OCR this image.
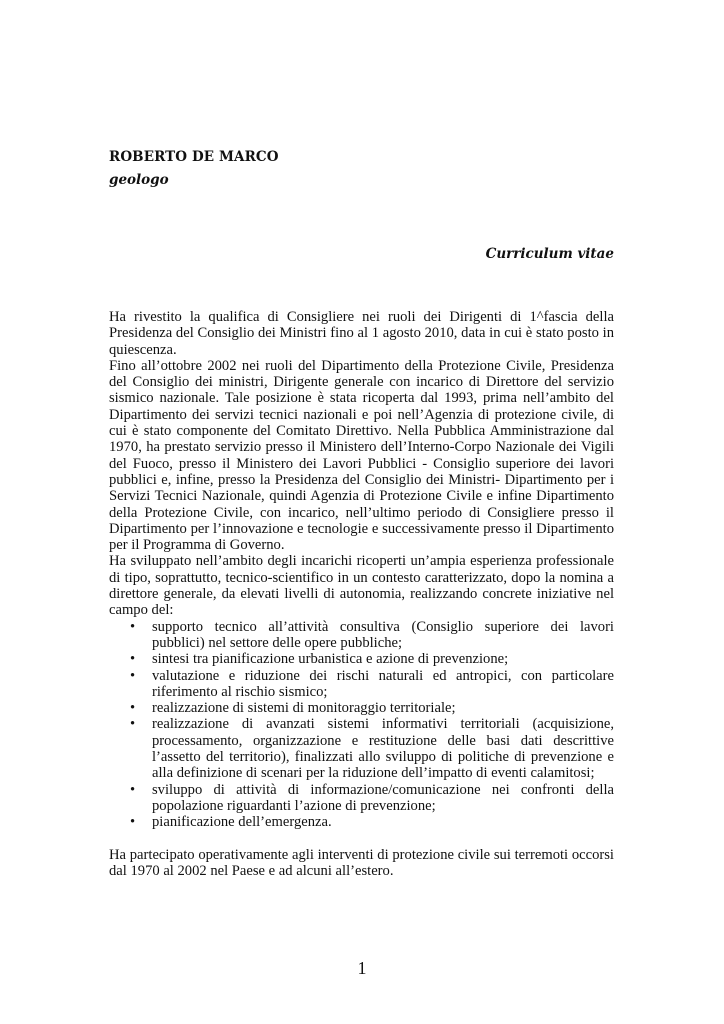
ROBERTO DE MARCO
geologo
Curriculum vitae

Ha rivestito la qualifica di Consigliere nei ruoli dei Dirigenti di 1^fascia della Presidenza del Consiglio dei Ministri fino al 1 agosto 2010, data in cui è stato posto in quiescenza.

Fino all’ottobre 2002 nei ruoli del Dipartimento della Protezione Civile, Presidenza del Consiglio dei ministri, Dirigente generale con incarico di Direttore del servizio sismico nazionale. Tale posizione è stata ricoperta dal 1993, prima nell’ambito del Dipartimento dei servizi tecnici nazionali e poi nell’Agenzia di protezione civile, di cui è stato componente del Comitato Direttivo. Nella Pubblica Amministrazione dal 1970, ha prestato servizio presso il Ministero dell’Interno-Corpo Nazionale dei Vigili del Fuoco, presso il Ministero dei Lavori Pubblici - Consiglio superiore dei lavori pubblici e, infine, presso la Presidenza del Consiglio dei Ministri- Dipartimento per i Servizi Tecnici Nazionale, quindi Agenzia di Protezione Civile e infine Dipartimento della Protezione Civile, con incarico, nell’ultimo periodo di Consigliere presso il Dipartimento per l’innovazione e tecnologie e successivamente presso il Dipartimento per il Programma di Governo.

Ha sviluppato nell’ambito degli incarichi ricoperti un’ampia esperienza professionale di tipo, soprattutto, tecnico-scientifico in un contesto caratterizzato, dopo la nomina a direttore generale, da elevati livelli di autonomia, realizzando concrete iniziative nel campo del:

•	supporto tecnico all’attività consultiva (Consiglio superiore dei lavori pubblici) nel settore delle opere pubbliche;
•	sintesi tra pianificazione urbanistica e azione di prevenzione;
•	valutazione e riduzione dei rischi naturali ed antropici, con particolare riferimento al rischio sismico;
•	realizzazione di sistemi di monitoraggio territoriale;
•	realizzazione di avanzati sistemi informativi territoriali (acquisizione, processamento, organizzazione e restituzione delle basi dati descrittive l’assetto del territorio), finalizzati allo sviluppo di politiche di prevenzione e alla definizione di scenari per la riduzione dell’impatto di eventi calamitosi;
•	sviluppo di attività di informazione/comunicazione nei confronti della popolazione riguardanti l’azione di prevenzione;
•	pianificazione dell’emergenza.

Ha partecipato operativamente agli interventi di protezione civile sui terremoti occorsi dal 1970 al 2002 nel Paese e ad alcuni all’estero.

1
